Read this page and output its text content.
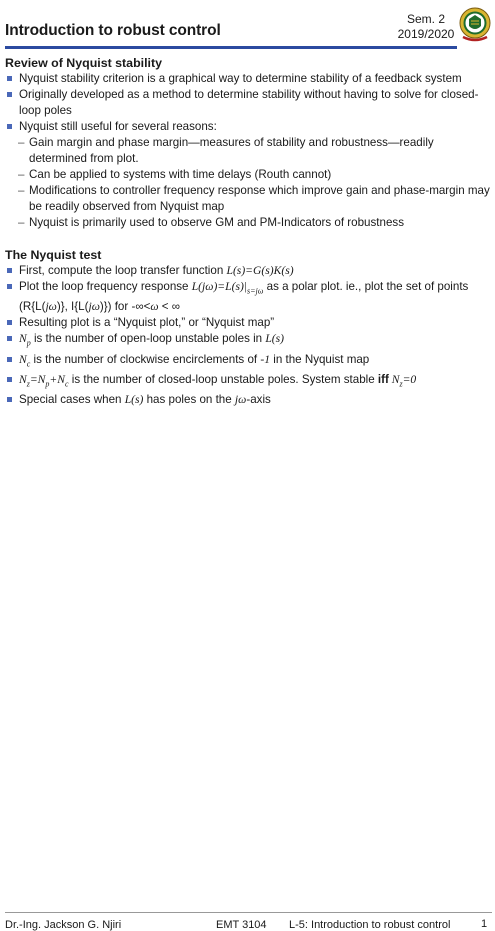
Introduction to robust control
Sem. 2
2019/2020
Review of Nyquist stability
Nyquist stability criterion is a graphical way to determine stability of a feedback system
Originally developed as a method to determine stability without having to solve for closed-loop poles
Nyquist still useful for several reasons:
– Gain margin and phase margin—measures of stability and robustness—readily determined from plot.
– Can be applied to systems with time delays (Routh cannot)
– Modifications to controller frequency response which improve gain and phase-margin may be readily observed from Nyquist map
– Nyquist is primarily used to observe GM and PM-Indicators of robustness
The Nyquist test
First, compute the loop transfer function L(s)=G(s)K(s)
Plot the loop frequency response $L(j\omega)=L(s)|_{s=j\omega}$ as a polar plot. ie., plot the set of points (R{L(jω)}, I{L(jω)}) for -∞<ω < ∞
Resulting plot is a “Nyquist plot,” or “Nyquist map”
$N_p$ is the number of open-loop unstable poles in L(s)
$N_c$ is the number of clockwise encirclements of -1 in the Nyquist map
$N_z=N_p+N_c$ is the number of closed-loop unstable poles. System stable iff $N_z=0$
Special cases when L(s) has poles on the jω-axis
Dr.-Ing. Jackson G. Njiri	EMT 3104 L-5: Introduction to robust control	1
